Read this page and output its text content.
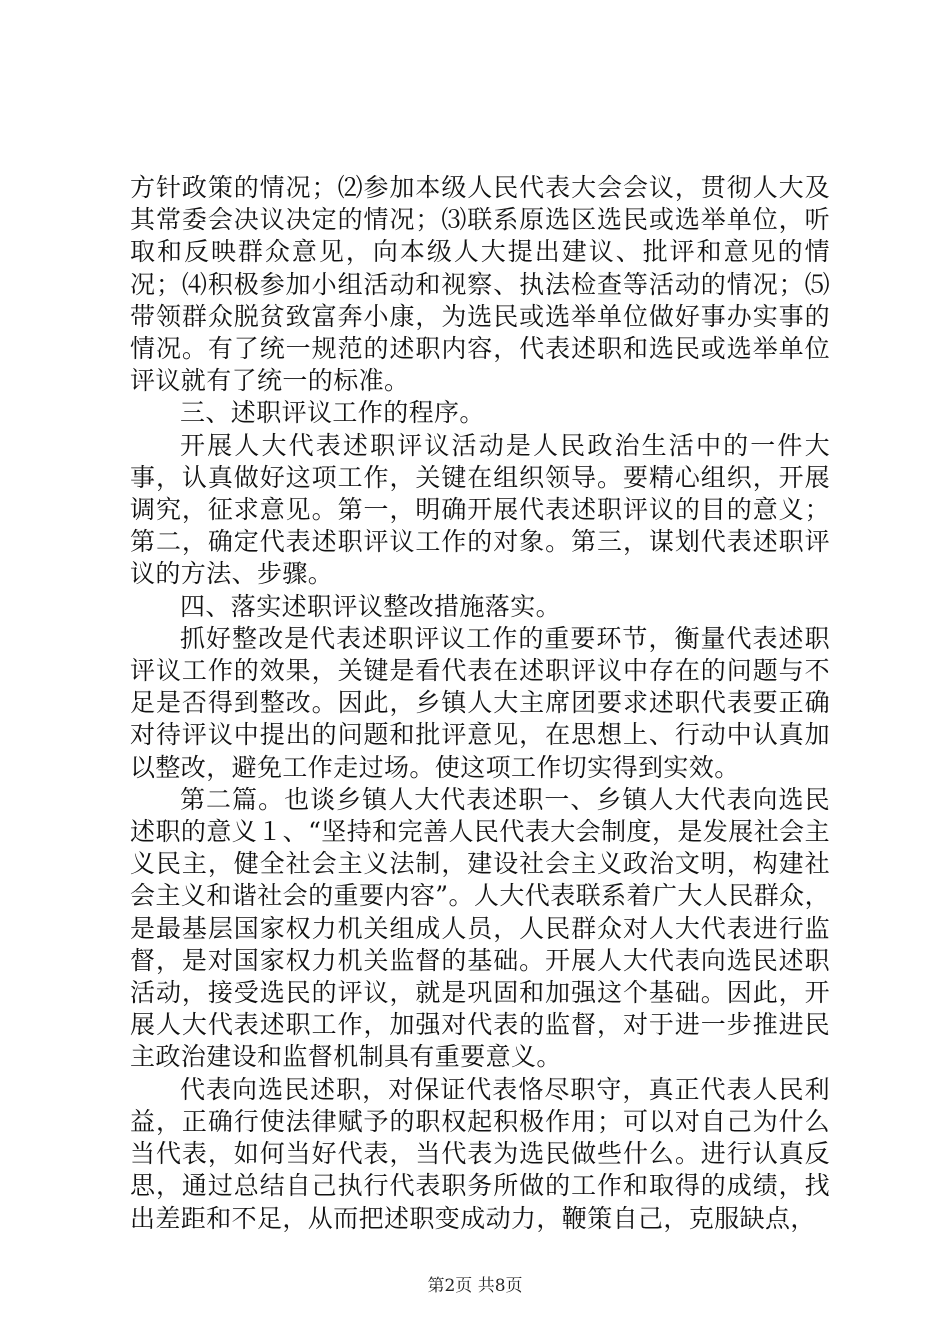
方针政策的情况；⑵参加本级人民代表大会会议，贯彻人大及其常委会决议决定的情况；⑶联系原选区选民或选举单位，听取和反映群众意见，向本级人大提出建议、批评和意见的情况；⑷积极参加小组活动和视察、执法检查等活动的情况；⑸带领群众脱贫致富奔小康，为选民或选举单位做好事办实事的情况。有了统一规范的述职内容，代表述职和选民或选举单位评议就有了统一的标准。

三、述职评议工作的程序。

开展人大代表述职评议活动是人民政治生活中的一件大事，认真做好这项工作，关键在组织领导。要精心组织，开展调究，征求意见。第一，明确开展代表述职评议的目的意义；第二，确定代表述职评议工作的对象。第三，谋划代表述职评议的方法、步骤。

四、落实述职评议整改措施落实。

抓好整改是代表述职评议工作的重要环节，衡量代表述职评议工作的效果，关键是看代表在述职评议中存在的问题与不足是否得到整改。因此，乡镇人大主席团要求述职代表要正确对待评议中提出的问题和批评意见，在思想上、行动中认真加以整改，避免工作走过场。使这项工作切实得到实效。

第二篇。也谈乡镇人大代表述职一、乡镇人大代表向选民述职的意义１、“坚持和完善人民代表大会制度，是发展社会主义民主，健全社会主义法制，建设社会主义政治文明，构建社会主义和谐社会的重要内容”。人大代表联系着广大人民群众，是最基层国家权力机关组成人员，人民群众对人大代表进行监督，是对国家权力机关监督的基础。开展人大代表向选民述职活动，接受选民的评议，就是巩固和加强这个基础。因此，开展人大代表述职工作，加强对代表的监督，对于进一步推进民主政治建设和监督机制具有重要意义。

代表向选民述职，对保证代表恪尽职守，真正代表人民利益，正确行使法律赋予的职权起积极作用；可以对自己为什么当代表，如何当好代表，当代表为选民做些什么。进行认真反思，通过总结自己执行代表职务所做的工作和取得的成绩，找出差距和不足，从而把述职变成动力，鞭策自己，克服缺点，

第2页 共8页
